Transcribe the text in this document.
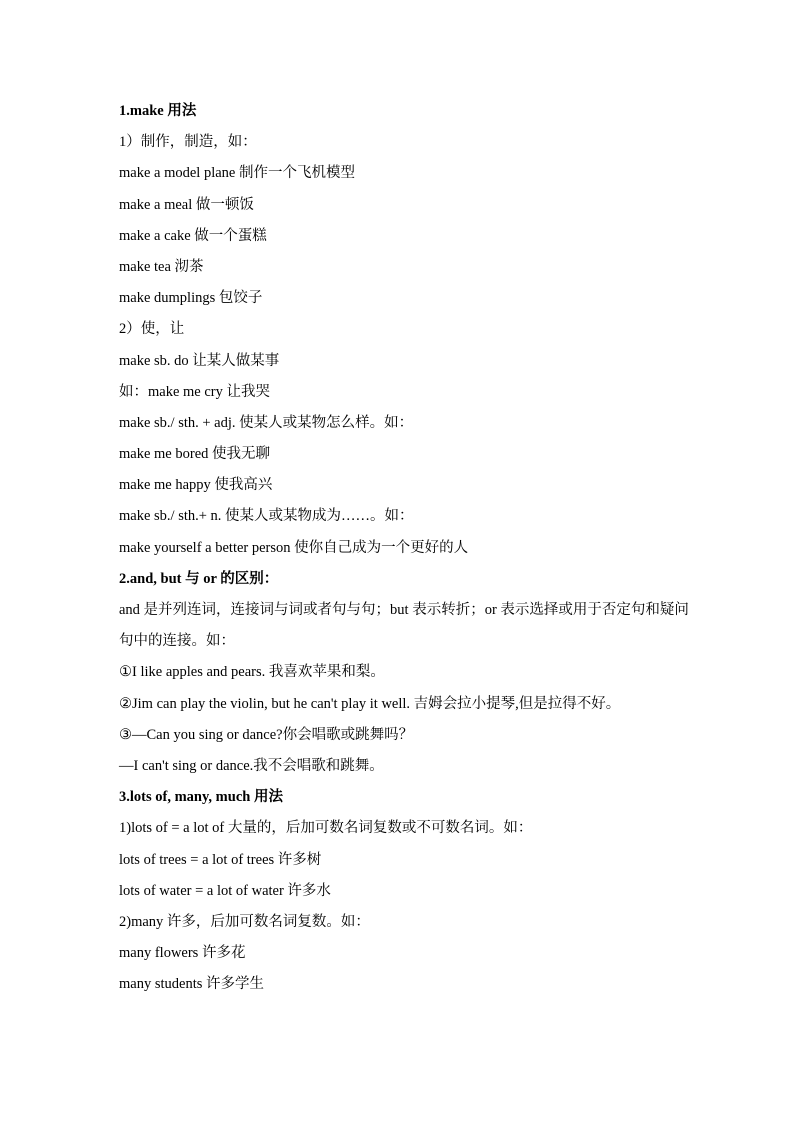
1.make 用法
1）制作，制造，如：
make a model plane 制作一个飞机模型
make a meal 做一顿饭
make a cake 做一个蛋糕
make tea 沏茶
make dumplings 包饺子
2）使，让
make sb. do 让某人做某事
如：make me cry 让我哭
make sb./ sth. + adj. 使某人或某物怎么样。如：
make me bored 使我无聊
make me happy 使我高兴
make sb./ sth.+ n. 使某人或某物成为……。如：
make yourself a better person 使你自己成为一个更好的人
2.and, but 与 or 的区别：
and 是并列连词，连接词与词或者句与句；but 表示转折；or 表示选择或用于否定句和疑问句中的连接。如：
①I like apples and pears. 我喜欢苹果和梨。
②Jim can play the violin, but he can't play it well. 吉姆会拉小提琴,但是拉得不好。
③—Can you sing or dance?你会唱歌或跳舞吗？
—I can't sing or dance.我不会唱歌和跳舞。
3.lots of, many, much 用法
1)lots of = a lot of 大量的，后加可数名词复数或不可数名词。如：
lots of trees = a lot of trees 许多树
lots of water = a lot of water 许多水
2)many 许多，后加可数名词复数。如：
many flowers 许多花
many students 许多学生
